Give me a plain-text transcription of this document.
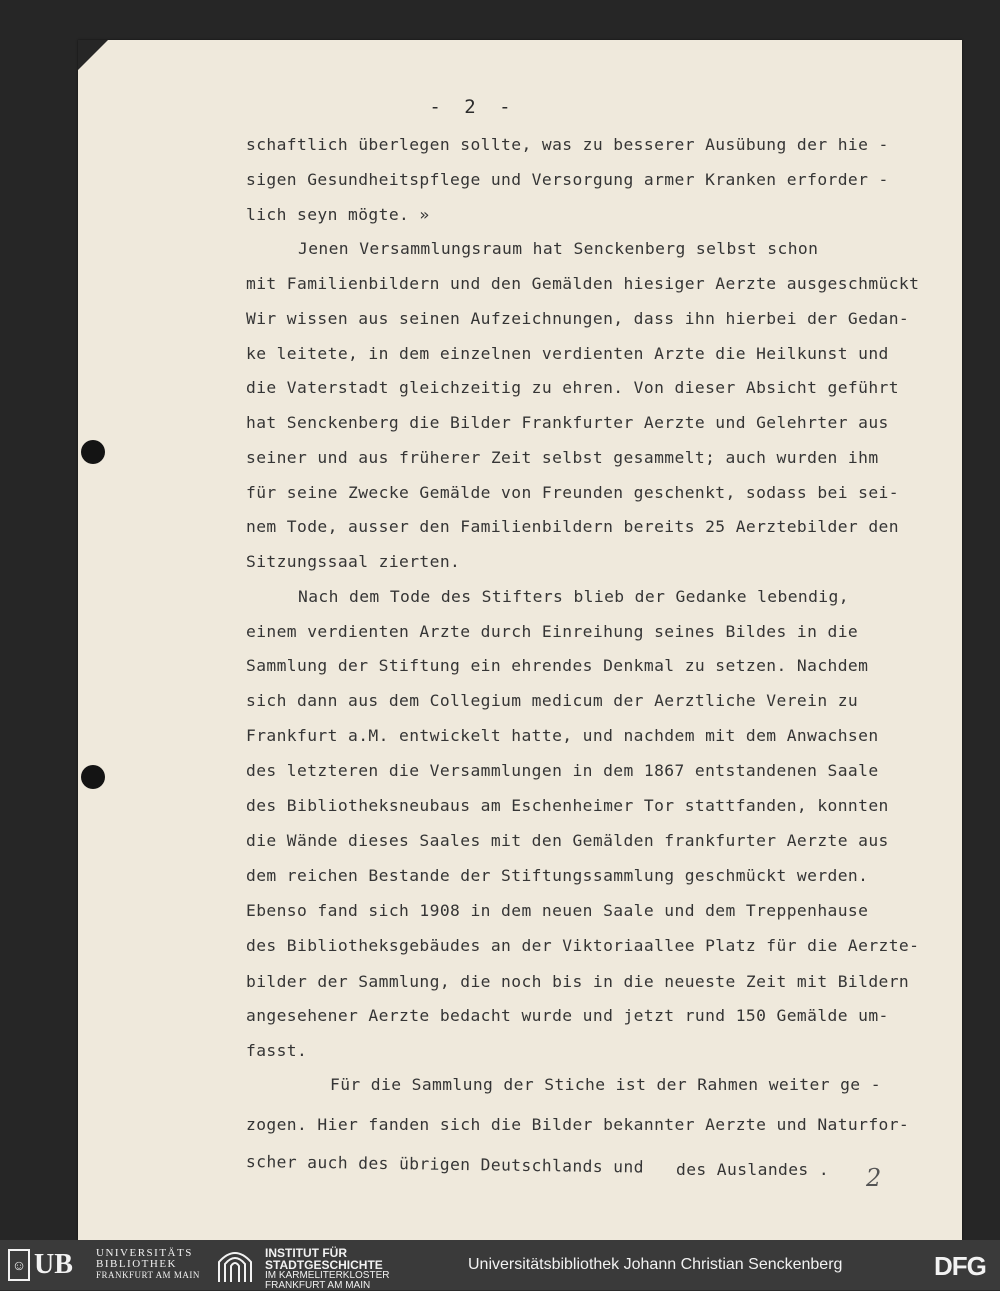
- 2 -
schaftlich überlegen sollte, was zu besserer Ausübung der hie -
sigen Gesundheitspflege und Versorgung armer Kranken erforder -
lich seyn mögte. »
Jenen Versammlungsraum hat Senckenberg selbst schon
mit Familienbildern und den Gemälden hiesiger Aerzte ausgeschmückt
Wir wissen aus seinen Aufzeichnungen, dass ihn hierbei der Gedan-
ke leitete, in dem einzelnen verdienten Arzte die Heilkunst und
die Vaterstadt gleichzeitig zu ehren. Von dieser Absicht geführt
hat Senckenberg die Bilder Frankfurter Aerzte und Gelehrter aus
seiner und aus früherer Zeit selbst gesammelt; auch wurden ihm
für seine Zwecke Gemälde von Freunden geschenkt, sodass bei sei-
nem Tode, ausser den Familienbildern bereits 25 Aerztebilder den
Sitzungssaal zierten.
Nach dem Tode des Stifters blieb der Gedanke lebendig,
einem verdienten Arzte durch Einreihung seines Bildes in die
Sammlung der Stiftung ein ehrendes Denkmal zu setzen. Nachdem
sich dann aus dem Collegium medicum der Aerztliche Verein zu
Frankfurt a.M. entwickelt hatte, und nachdem mit dem Anwachsen
des letzteren die Versammlungen in dem 1867 entstandenen Saale
des Bibliotheksneubaus am Eschenheimer Tor stattfanden, konnten
die Wände dieses Saales mit den Gemälden frankfurter Aerzte aus
dem reichen Bestande der Stiftungssammlung geschmückt werden.
Ebenso fand sich 1908 in dem neuen Saale und dem Treppenhause
des Bibliotheksgebäudes an der Viktoriaallee Platz für die Aerzte-
bilder der Sammlung, die noch bis in die neueste Zeit mit Bildern
angesehener Aerzte bedacht wurde und jetzt rund 150 Gemälde um-
fasst.
Für die Sammlung der Stiche ist der Rahmen weiter ge -
zogen. Hier fanden sich die Bilder bekannter Aerzte und Naturfor-
scher auch des übrigen Deutschlands und des Auslandes . 2
☺ UB UNIVERSITÄTS
BIBLIOTHEK
FRANKFURT AM MAIN
INSTITUT FÜR
STADTGESCHICHTE
IM KARMELITERKLOSTER
FRANKFURT AM MAIN
Universitätsbibliothek Johann Christian Senckenberg	DFG
